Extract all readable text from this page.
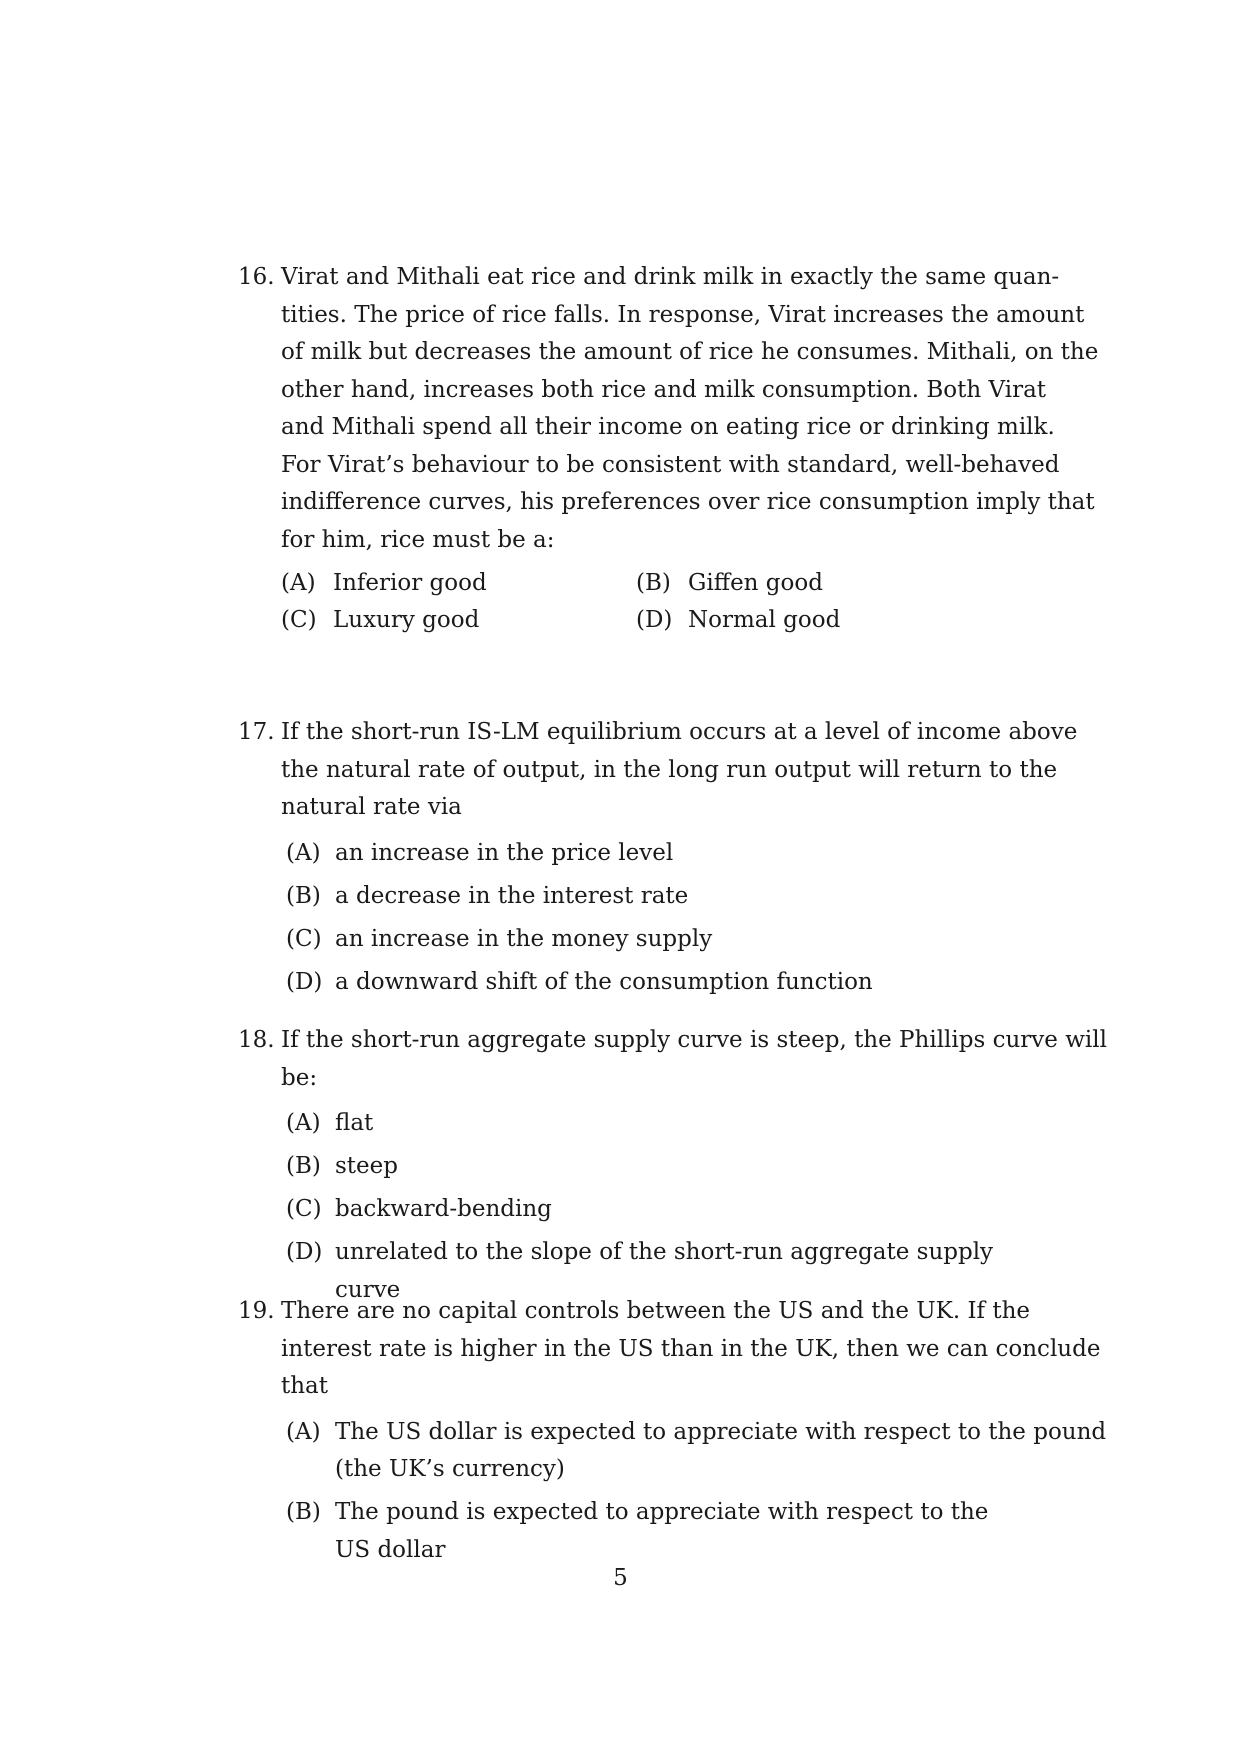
16. Virat and Mithali eat rice and drink milk in exactly the same quan-
tities. The price of rice falls. In response, Virat increases the amount
of milk but decreases the amount of rice he consumes. Mithali, on the
other hand, increases both rice and milk consumption. Both Virat
and Mithali spend all their income on eating rice or drinking milk.
For Virat’s behaviour to be consistent with standard, well-behaved
indifference curves, his preferences over rice consumption imply that
for him, rice must be a:
(A) Inferior good	(B) Giffen good
(C) Luxury good	(D) Normal good
17. If the short-run IS-LM equilibrium occurs at a level of income above
the natural rate of output, in the long run output will return to the
natural rate via
(A) an increase in the price level
(B) a decrease in the interest rate
(C) an increase in the money supply
(D) a downward shift of the consumption function
18. If the short-run aggregate supply curve is steep, the Phillips curve will
be:
(A) flat
(B) steep
(C) backward-bending
(D) unrelated to the slope of the short-run aggregate supply curve
19. There are no capital controls between the US and the UK. If the
interest rate is higher in the US than in the UK, then we can conclude
that
(A) The US dollar is expected to appreciate with respect to the pound
(the UK’s currency)
(B) The pound is expected to appreciate with respect to the US dollar
5
